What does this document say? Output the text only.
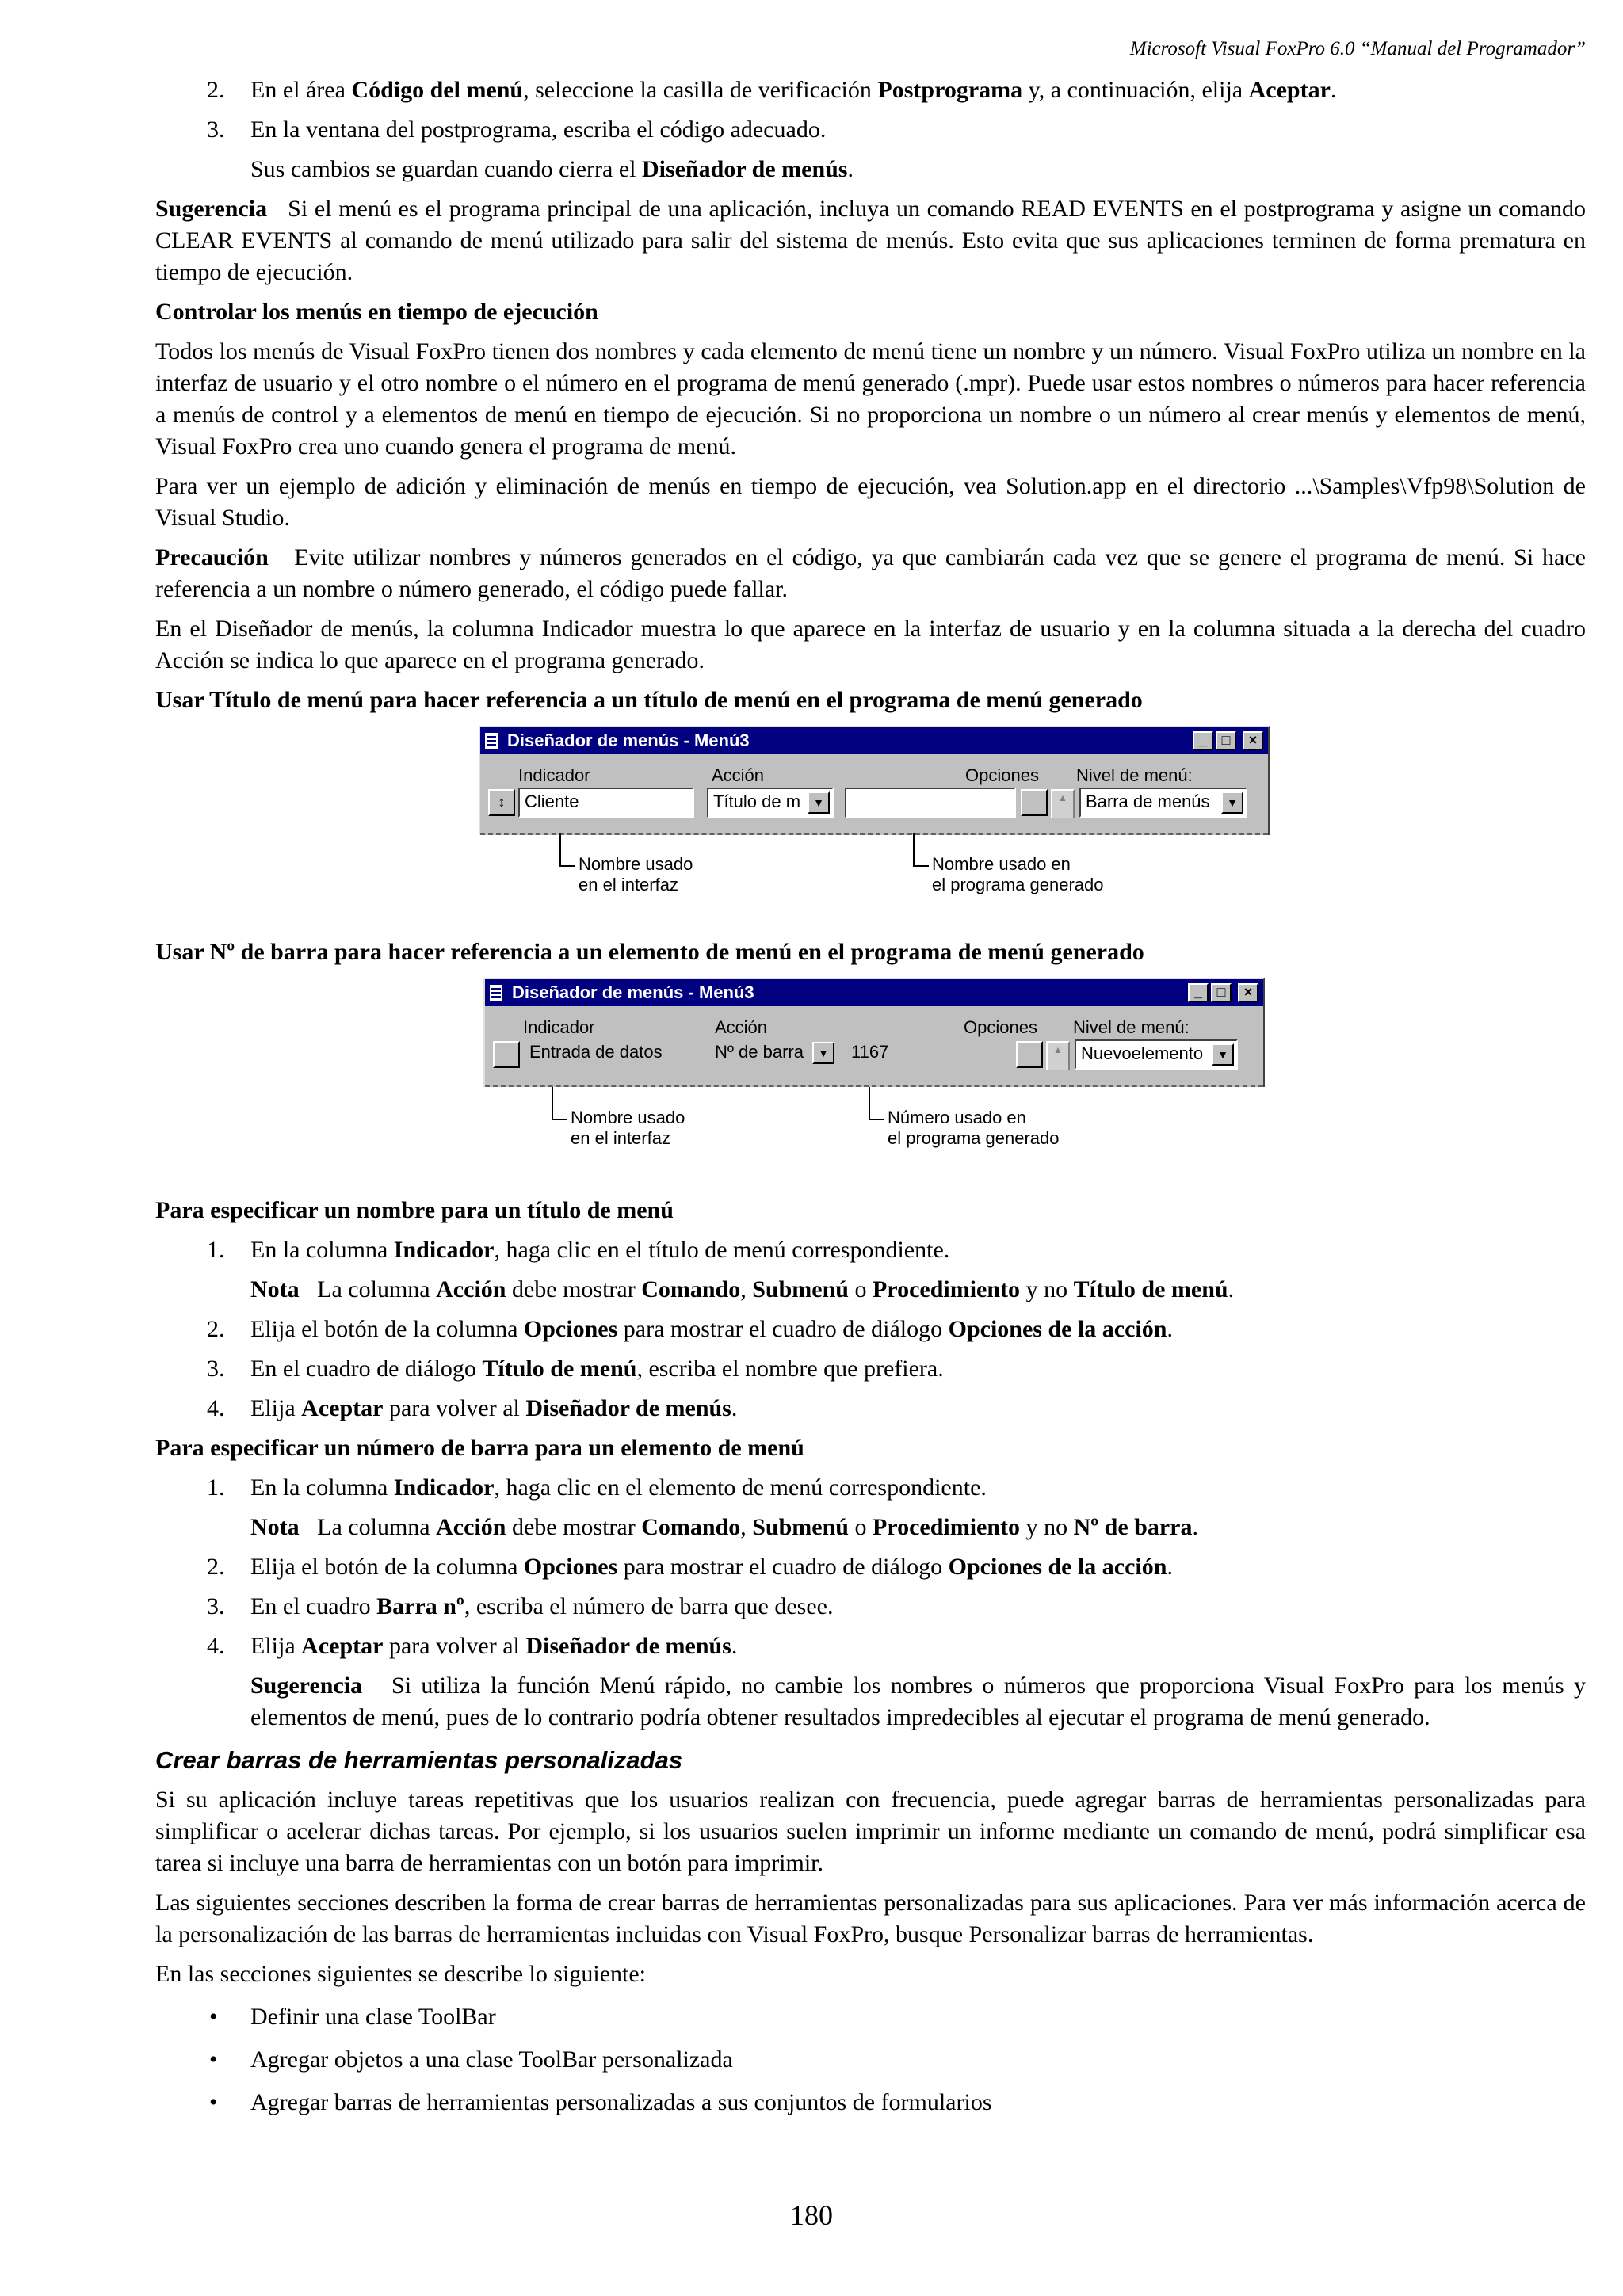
Microsoft Visual FoxPro 6.0 “Manual del Programador”
2.	En el área Código del menú, seleccione la casilla de verificación Postprograma y, a continuación, elija Aceptar.
3.	En la ventana del postprograma, escriba el código adecuado.

Sus cambios se guardan cuando cierra el Diseñador de menús.

Sugerencia   Si el menú es el programa principal de una aplicación, incluya un comando READ EVENTS en el postprograma y asigne un comando CLEAR EVENTS al comando de menú utilizado para salir del sistema de menús. Esto evita que sus aplicaciones terminen de forma prematura en tiempo de ejecución.

Controlar los menús en tiempo de ejecución

Todos los menús de Visual FoxPro tienen dos nombres y cada elemento de menú tiene un nombre y un número. Visual FoxPro utiliza un nombre en la interfaz de usuario y el otro nombre o el número en el programa de menú generado (.mpr). Puede usar estos nombres o números para hacer referencia a menús de control y a elementos de menú en tiempo de ejecución. Si no proporciona un nombre o un número al crear menús y elementos de menú, Visual FoxPro crea uno cuando genera el programa de menú.

Para ver un ejemplo de adición y eliminación de menús en tiempo de ejecución, vea Solution.app en el directorio ...\Samples\Vfp98\Solution de Visual Studio.

Precaución   Evite utilizar nombres y números generados en el código, ya que cambiarán cada vez que se genere el programa de menú. Si hace referencia a un nombre o número generado, el código puede fallar.

En el Diseñador de menús, la columna Indicador muestra lo que aparece en la interfaz de usuario y en la columna situada a la derecha del cuadro Acción se indica lo que aparece en el programa generado.

Usar Título de menú para hacer referencia a un título de menú en el programa de menú generado
Diseñador de menús - Menú3	_	□	×
Indicador	Acción	Opciones Nivel de menú:
↕	Cliente	Título de m	▼	▲	Barra de menús	▼
Nombre usado
en el interfaz
Nombre usado en
el programa generado
Usar Nº de barra para hacer referencia a un elemento de menú en el programa de menú generado
Diseñador de menús - Menú3	_	□	×
Indicador	Acción	Opciones Nivel de menú:
Entrada de datos	Nº de barra	▼	1167	▲	Nuevoelemento	▼
Nombre usado
en el interfaz
Número usado en
el programa generado
Para especificar un nombre para un título de menú
1.	En la columna Indicador, haga clic en el título de menú correspondiente.

Nota   La columna Acción debe mostrar Comando, Submenú o Procedimiento y no Título de menú.

2.	Elija el botón de la columna Opciones para mostrar el cuadro de diálogo Opciones de la acción.
3.	En el cuadro de diálogo Título de menú, escriba el nombre que prefiera.
4.	Elija Aceptar para volver al Diseñador de menús.
Para especificar un número de barra para un elemento de menú
1.	En la columna Indicador, haga clic en el elemento de menú correspondiente.

Nota   La columna Acción debe mostrar Comando, Submenú o Procedimiento y no Nº de barra.

2.	Elija el botón de la columna Opciones para mostrar el cuadro de diálogo Opciones de la acción.
3.	En el cuadro Barra nº, escriba el número de barra que desee.
4.	Elija Aceptar para volver al Diseñador de menús.

Sugerencia   Si utiliza la función Menú rápido, no cambie los nombres o números que proporciona Visual FoxPro para los menús y elementos de menú, pues de lo contrario podría obtener resultados impredecibles al ejecutar el programa de menú generado.

Crear barras de herramientas personalizadas

Si su aplicación incluye tareas repetitivas que los usuarios realizan con frecuencia, puede agregar barras de herramientas personalizadas para simplificar o acelerar dichas tareas. Por ejemplo, si los usuarios suelen imprimir un informe mediante un comando de menú, podrá simplificar esa tarea si incluye una barra de herramientas con un botón para imprimir.

Las siguientes secciones describen la forma de crear barras de herramientas personalizadas para sus aplicaciones. Para ver más información acerca de la personalización de las barras de herramientas incluidas con Visual FoxPro, busque Personalizar barras de herramientas.

En las secciones siguientes se describe lo siguiente:

•	Definir una clase ToolBar
•	Agregar objetos a una clase ToolBar personalizada
•	Agregar barras de herramientas personalizadas a sus conjuntos de formularios
180
